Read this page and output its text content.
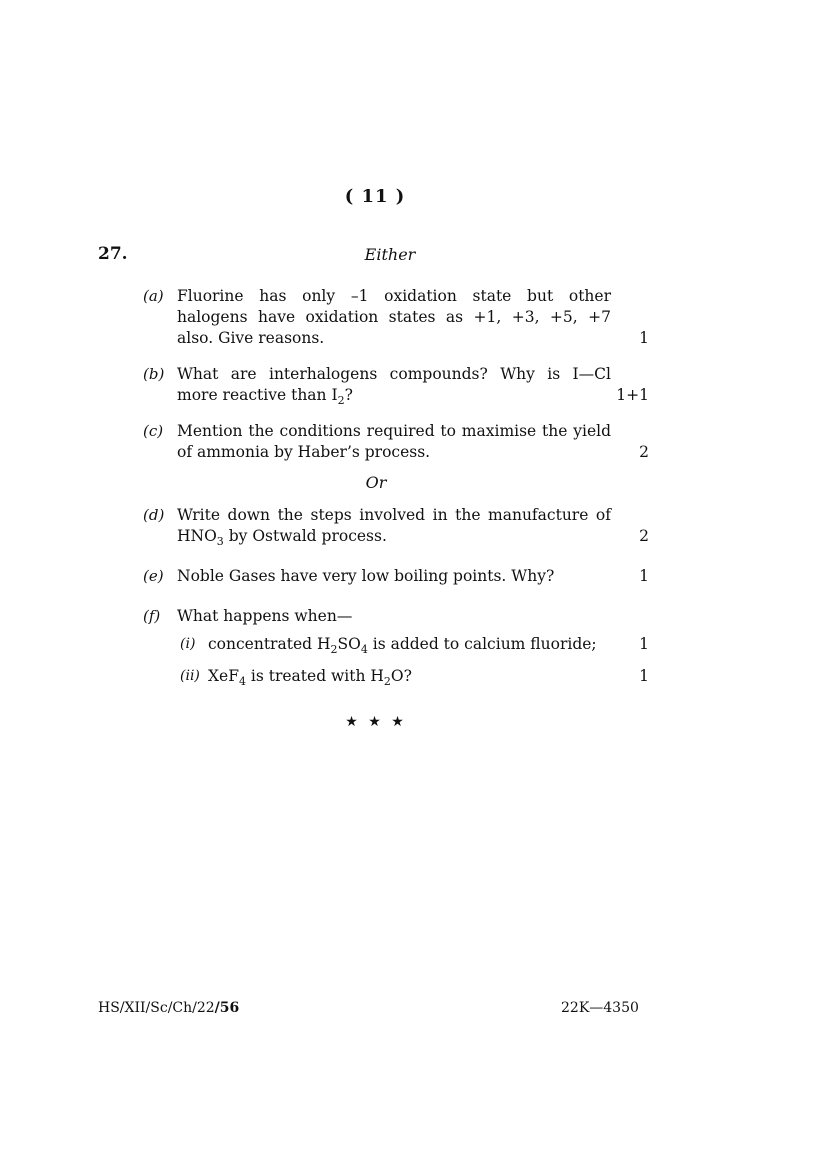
( 11 )
27.	Either
(a) Fluorine has only –1 oxidation state but other
halogens have oxidation states as +1, +3, +5, +7
also. Give reasons.	1
(b) What are interhalogens compounds? Why is I—Cl
more reactive than $I_2$?	1+1
(c) Mention the conditions required to maximise the yield
of ammonia by Haber’s process.	2
Or
(d) Write down the steps involved in the manufacture of
$HNO_3$ by Ostwald process.	2
(e) Noble Gases have very low boiling points. Why?	1
(f) What happens when—
(i) concentrated $H_2SO_4$ is added to calcium fluoride;	1
(ii) XeF$_4$ is treated with $H_2O$?	1
★ ★ ★
HS/XII/Sc/Ch/22/56	22K—4350
